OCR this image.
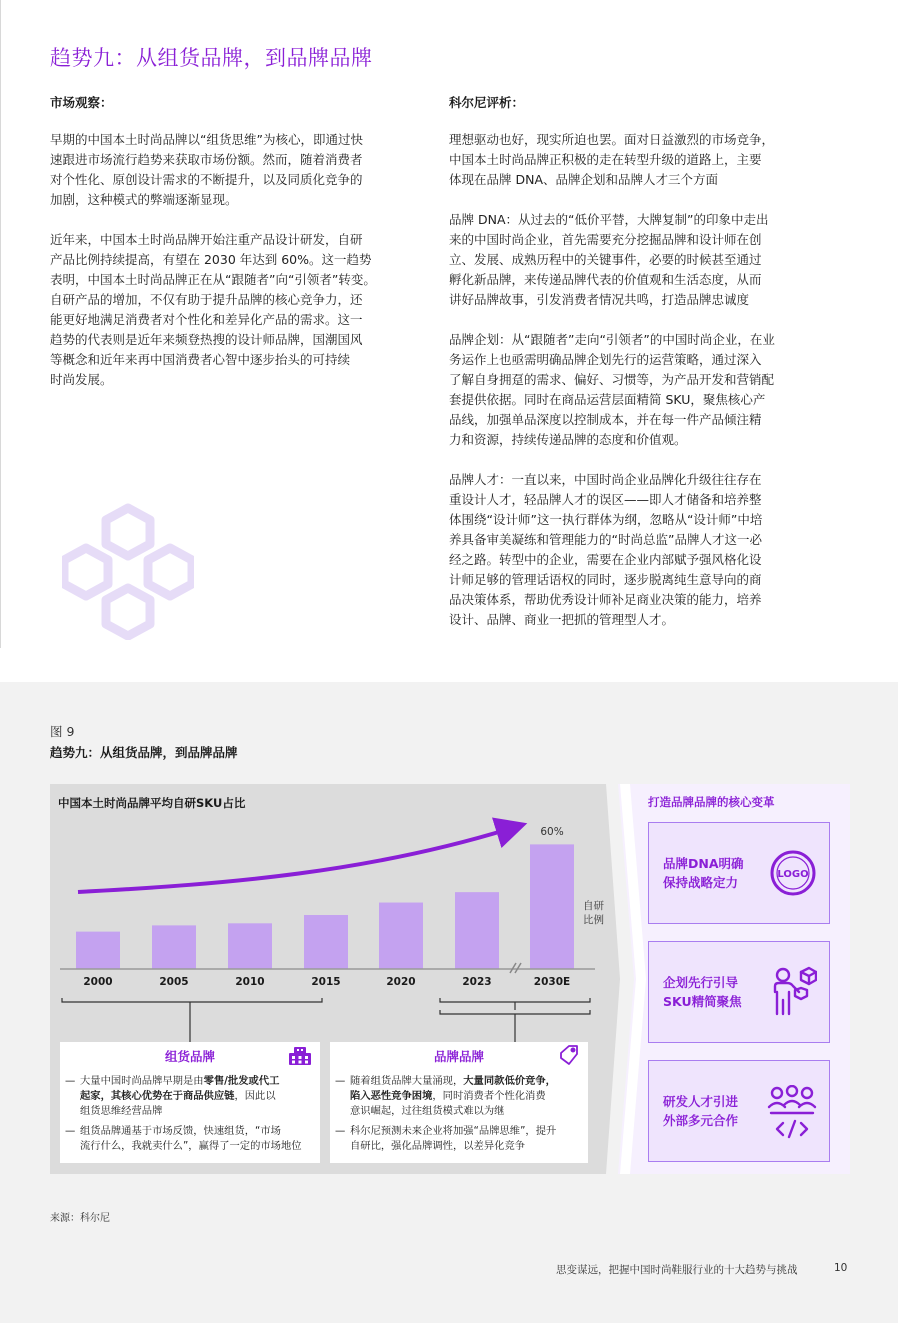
趋势九：从组货品牌，到品牌品牌
市场观察：	科尔尼评析：
早期的中国本土时尚品牌以“组货思维”为核心，即通过快
速跟进市场流行趋势来获取市场份额。然而，随着消费者
对个性化、原创设计需求的不断提升，以及同质化竞争的
加剧，这种模式的弊端逐渐显现。
近年来，中国本土时尚品牌开始注重产品设计研发，自研
产品比例持续提高，有望在 2030 年达到 60%。这一趋势
表明，中国本土时尚品牌正在从“跟随者”向“引领者”转变。
自研产品的增加，不仅有助于提升品牌的核心竞争力，还
能更好地满足消费者对个性化和差异化产品的需求。这一
趋势的代表则是近年来频登热搜的设计师品牌，国潮国风
等概念和近年来再中国消费者心智中逐步抬头的可持续
时尚发展。
理想驱动也好，现实所迫也罢。面对日益激烈的市场竞争，
中国本土时尚品牌正积极的走在转型升级的道路上，主要
体现在品牌 DNA、品牌企划和品牌人才三个方面
品牌 DNA：从过去的“低价平替，大牌复制”的印象中走出
来的中国时尚企业，首先需要充分挖掘品牌和设计师在创
立、发展、成熟历程中的关键事件，必要的时候甚至通过
孵化新品牌，来传递品牌代表的价值观和生活态度，从而
讲好品牌故事，引发消费者情况共鸣，打造品牌忠诚度
品牌企划：从“跟随者”走向“引领者”的中国时尚企业，在业
务运作上也亟需明确品牌企划先行的运营策略，通过深入
了解自身拥趸的需求、偏好、习惯等，为产品开发和营销配
套提供依据。同时在商品运营层面精简 SKU，聚焦核心产
品线，加强单品深度以控制成本，并在每一件产品倾注精
力和资源，持续传递品牌的态度和价值观。
品牌人才：一直以来，中国时尚企业品牌化升级往往存在
重设计人才，轻品牌人才的误区——即人才储备和培养整
体围绕“设计师”这一执行群体为纲，忽略从“设计师”中培
养具备审美凝练和管理能力的“时尚总监”品牌人才这一必
经之路。转型中的企业，需要在企业内部赋予强风格化设
计师足够的管理话语权的同时，逐步脱离纯生意导向的商
品决策体系，帮助优秀设计师补足商业决策的能力，培养
设计、品牌、商业一把抓的管理型人才。
图 9
趋势九：从组货品牌，到品牌品牌
中国本土时尚品牌平均自研SKU占比
自研
比例
组货品牌
— 大量中国时尚品牌早期是由零售/批发或代工
起家，其核心优势在于商品供应链，因此以
组货思维经营品牌
— 组货品牌通基于市场反馈，快速组货，“市场
流行什么，我就卖什么”，赢得了一定的市场地位
品牌品牌
— 随着组货品牌大量涌现，大量同款低价竞争，
陷入恶性竞争困境，同时消费者个性化消费
意识崛起，过往组货模式难以为继
— 科尔尼预测未来企业将加强“品牌思维”，提升
自研比，强化品牌调性，以差异化竞争
打造品牌品牌的核心变革
品牌DNA明确
保持战略定力
LOGO
企划先行引导
SKU精简聚焦
研发人才引进
外部多元合作
来源：科尔尼
思变谋远，把握中国时尚鞋服行业的十大趋势与挑战	10
2000	2005	2010	2015	2020	2023	2030E
60%
